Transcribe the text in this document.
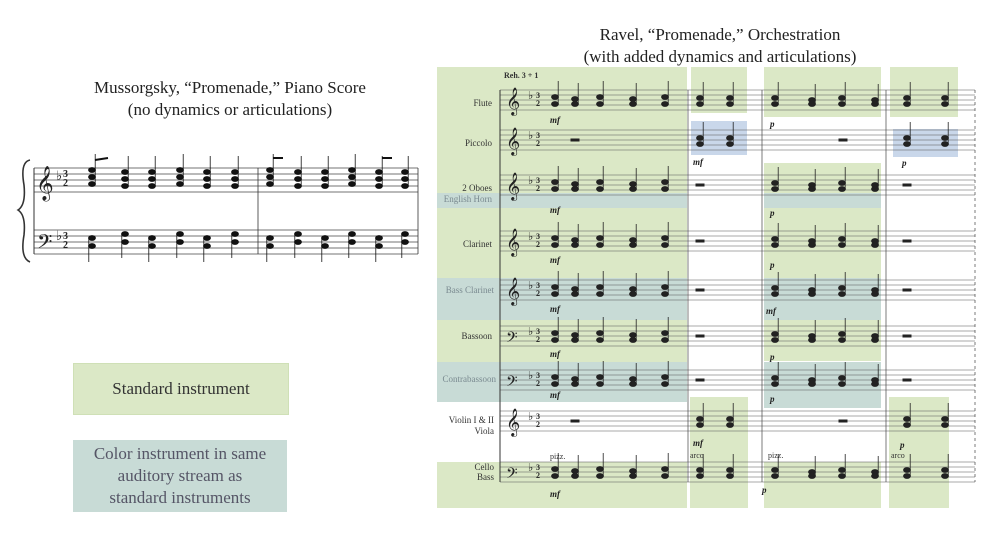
Mussorgsky, “Promenade,” Piano Score
(no dynamics or articulations)
Ravel, “Promenade,” Orchestration
(with added dynamics and articulations)
𝄞
𝄢
♭
♭
3
2
3
2
Standard instrument
Color instrument in same
auditory stream as
standard instruments
Reh. 3 + 1
Flute
Piccolo
2 Oboes
English Horn
Clarinet
Bass Clarinet
Bassoon
Contrabassoon
Violin I & II
Viola
Cello
Bass
𝄞 ♭ 3
2
𝄞 ♭ 3
2
𝄞 ♭ 3
2
𝄞 ♭ 3
2
𝄞 ♭ 3
2
𝄢 ♭ 3
2
𝄢 ♭ 3
2
𝄞 ♭ 3
2
𝄢 ♭ 3
2
mf
mf
mf
mf
mf
mf
mf
mf
mf
mf
p
p
p
p
p
p
p
p
pizz.	arco	pizz.	arco
